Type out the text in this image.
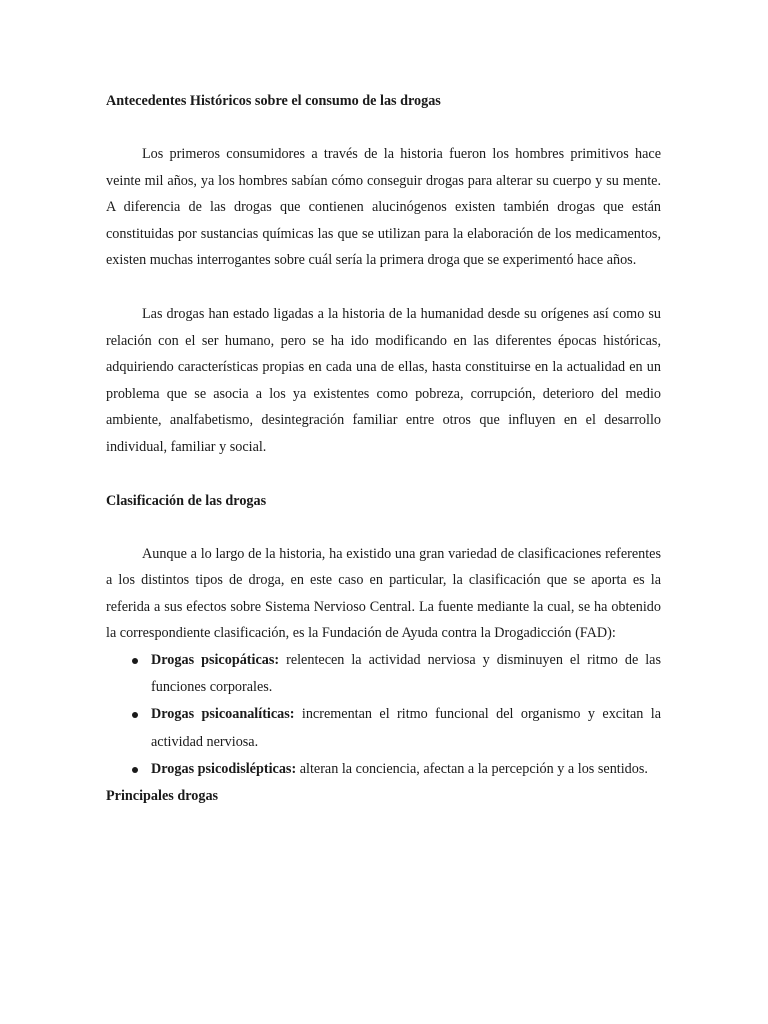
Antecedentes Históricos sobre el consumo de las drogas

Los primeros consumidores a través de la historia fueron los hombres primitivos hace veinte mil años, ya los hombres sabían cómo conseguir drogas para alterar su cuerpo y su mente. A diferencia de las drogas que contienen alucinógenos existen también drogas que están constituidas por sustancias químicas las que se utilizan para la elaboración de los medicamentos, existen muchas interrogantes sobre cuál sería la primera droga que se experimentó hace años.

Las drogas han estado ligadas a la historia de la humanidad desde su orígenes así como su relación con el ser humano, pero se ha ido modificando en las diferentes épocas históricas, adquiriendo características propias en cada una de ellas, hasta constituirse en la actualidad en un problema que se asocia a los ya existentes como pobreza, corrupción, deterioro del medio ambiente, analfabetismo, desintegración familiar entre otros que influyen en el desarrollo individual, familiar y social.

Clasificación de las drogas

Aunque a lo largo de la historia, ha existido una gran variedad de clasificaciones referentes a los distintos tipos de droga, en este caso en particular, la clasificación que se aporta es la referida a sus efectos sobre Sistema Nervioso Central. La fuente mediante la cual, se ha obtenido la correspondiente clasificación, es la Fundación de Ayuda contra la Drogadicción (FAD):

Drogas psicopáticas: relentecen la actividad nerviosa y disminuyen el ritmo de las funciones corporales.
Drogas psicoanalíticas: incrementan el ritmo funcional del organismo y excitan la actividad nerviosa.
Drogas psicodislépticas: alteran la conciencia, afectan a la percepción y a los sentidos.
Principales drogas
